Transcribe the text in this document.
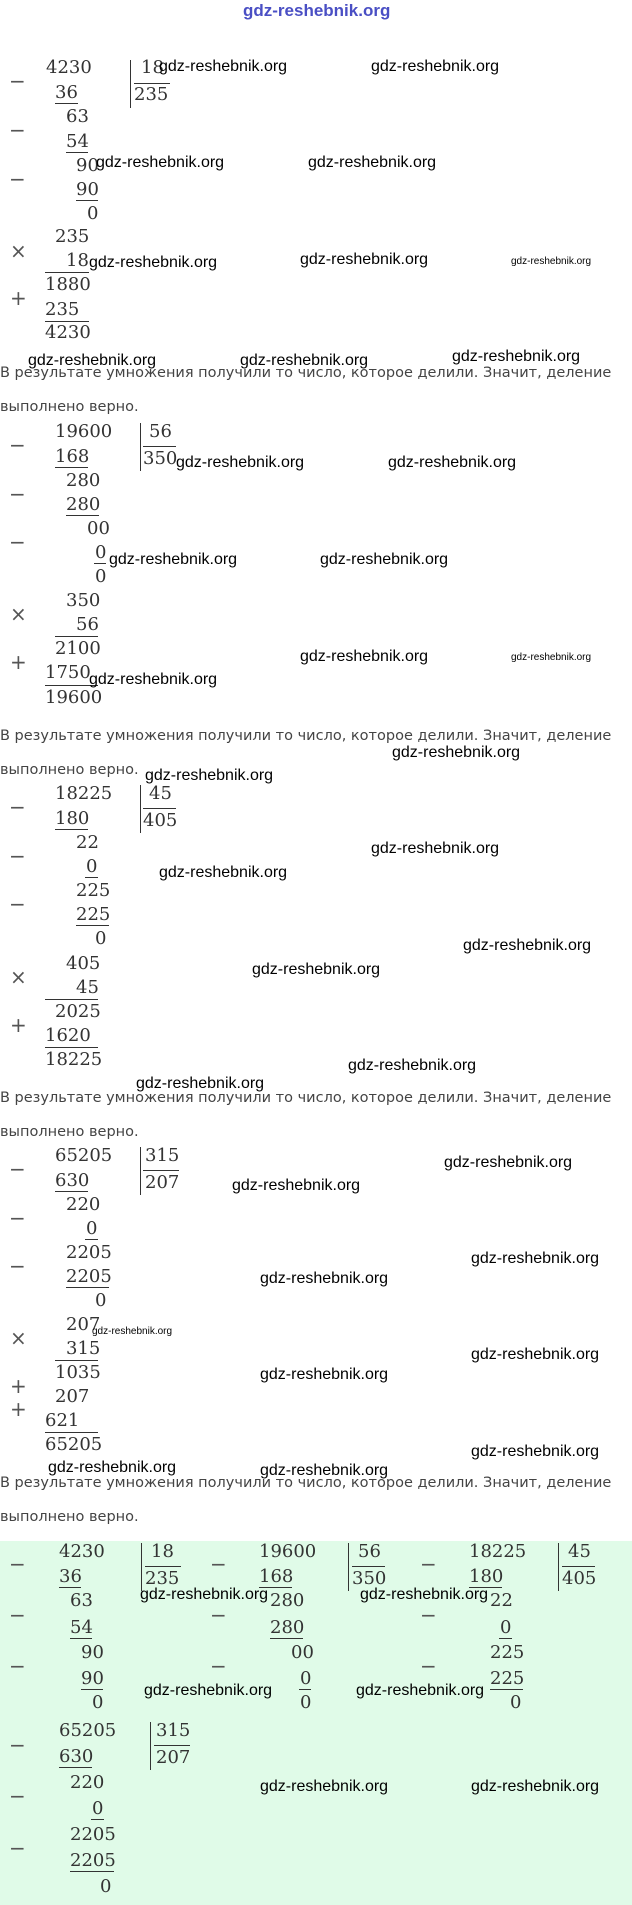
gdz-reshebnik.org
−
4230	18
235
36
−
63
54
−
90
90
0
×
235
18
1880
+ 235
4230
В результате умножения получили то число, которое делили. Значит, деление
выполнено верно.
−
19600 56
350
168
−
280
280
−
00
0
0
×
350
56
2100
+ 1750
19600
В результате умножения получили то число, которое делили. Значит, деление
выполнено верно.
−
18225 45
405
180
−
22
0
−
225
225
0
×
405
45
2025
+ 1620
18225
В результате умножения получили то число, которое делили. Значит, деление
выполнено верно.
−
65205 315
207
630
−
220
0
−
2205
2205
0
207
× 315
1035
+ 207
+ 621
65205
В результате умножения получили то число, которое делили. Значит, деление
выполнено верно.
−
4230	18
235
36
−
63
54
−
90
90
0
−
19600 56
350
168
−
280
280
−
00
0
0
−
18225 45
405
180
−
22
0
−
225
225
0
−
65205 315
207
630
−
220
0
−
2205
2205
0
gdz-reshebnik.org	gdz-reshebnik.org
gdz-reshebnik.org	gdz-reshebnik.org
gdz-reshebnik.org	gdz-reshebnik.org	gdz-reshebnik.org
gdz-reshebnik.org	gdz-reshebnik.org	gdz-reshebnik.org
gdz-reshebnik.org	gdz-reshebnik.org
gdz-reshebnik.org	gdz-reshebnik.org
gdz-reshebnik.org	gdz-reshebnik.org
gdz-reshebnik.org
gdz-reshebnik.org
gdz-reshebnik.org
gdz-reshebnik.org
gdz-reshebnik.org
gdz-reshebnik.org
gdz-reshebnik.org
gdz-reshebnik.org
gdz-reshebnik.org
gdz-reshebnik.org
gdz-reshebnik.org
gdz-reshebnik.org
gdz-reshebnik.org
gdz-reshebnik.org
gdz-reshebnik.org
gdz-reshebnik.org
gdz-reshebnik.org
gdz-reshebnik.org	gdz-reshebnik.org
gdz-reshebnik.org	gdz-reshebnik.org
gdz-reshebnik.org	gdz-reshebnik.org
gdz-reshebnik.org	gdz-reshebnik.org
